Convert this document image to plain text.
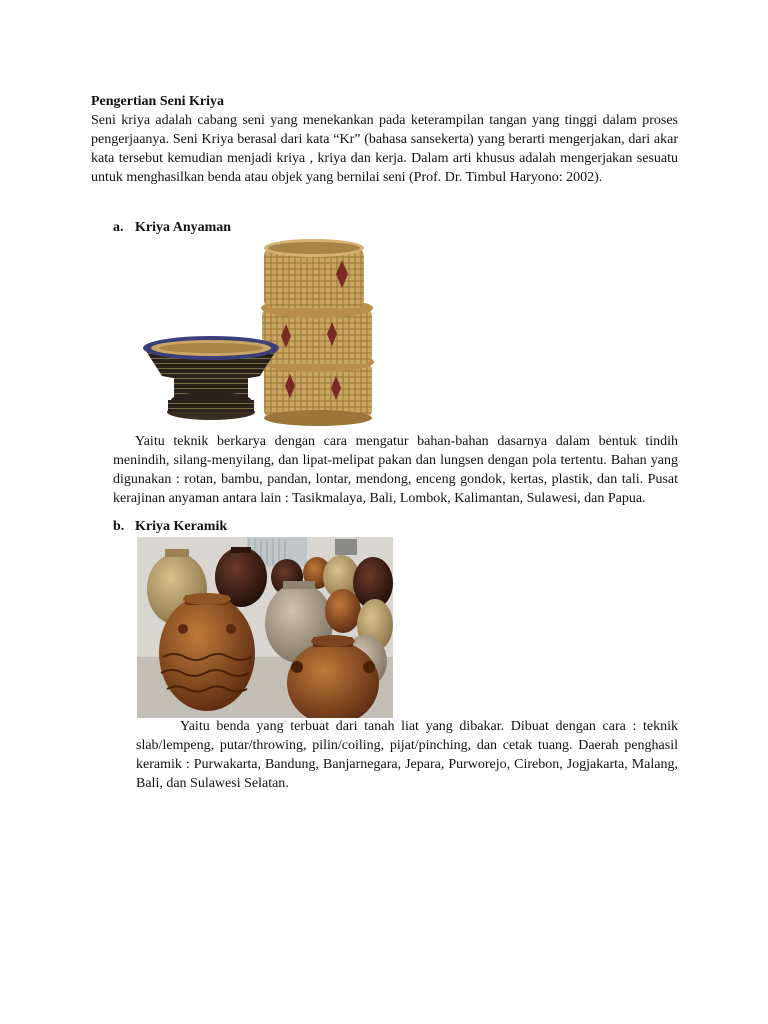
Pengertian Seni Kriya

Seni kriya adalah cabang seni yang menekankan pada keterampilan tangan yang tinggi dalam proses pengerjaanya. Seni Kriya berasal dari kata “Kr” (bahasa sansekerta) yang berarti mengerjakan, dari akar kata tersebut kemudian menjadi kriya , kriya dan kerja. Dalam arti khusus adalah mengerjakan sesuatu untuk menghasilkan benda atau objek yang bernilai seni (Prof. Dr. Timbul Haryono: 2002).

a. Kriya Anyaman

Yaitu teknik berkarya dengan cara mengatur bahan-bahan dasarnya dalam bentuk tindih menindih, silang-menyilang, dan lipat-melipat pakan dan lungsen dengan pola tertentu. Bahan yang digunakan : rotan, bambu, pandan, lontar, mendong, enceng gondok, kertas, plastik, dan tali. Pusat kerajinan anyaman antara lain : Tasikmalaya, Bali, Lombok, Kalimantan, Sulawesi, dan Papua.

b. Kriya Keramik

Yaitu benda yang terbuat dari tanah liat yang dibakar. Dibuat dengan cara : teknik slab/lempeng, putar/throwing, pilin/coiling, pijat/pinching, dan cetak tuang. Daerah penghasil keramik : Purwakarta, Bandung, Banjarnegara, Jepara, Purworejo, Cirebon, Jogjakarta, Malang, Bali, dan Sulawesi Selatan.
